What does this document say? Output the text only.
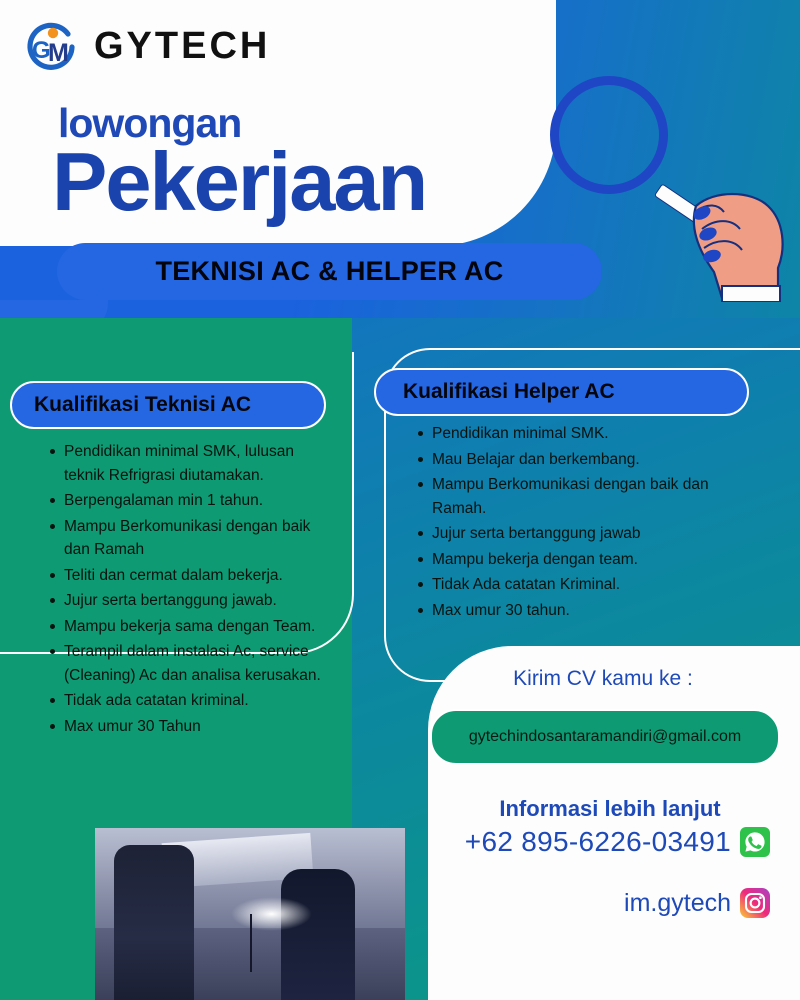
G
M GYTECH
lowongan
Pekerjaan
TEKNISI AC & HELPER AC
Kualifikasi Teknisi AC
Pendidikan minimal SMK, lulusan teknik Refrigrasi diutamakan.
Berpengalaman min 1 tahun.
Mampu Berkomunikasi dengan baik dan Ramah
Teliti dan cermat dalam bekerja.
Jujur serta bertanggung jawab.
Mampu bekerja sama dengan Team.
Terampil dalam instalasi Ac, service (Cleaning) Ac dan analisa kerusakan.
Tidak ada catatan kriminal.
Max umur 30 Tahun
Kualifikasi Helper AC
Pendidikan minimal SMK.
Mau Belajar dan berkembang.
Mampu Berkomunikasi dengan baik dan Ramah.
Jujur serta bertanggung jawab
Mampu bekerja dengan team.
Tidak Ada catatan Kriminal.
Max umur 30 tahun.
Kirim CV kamu ke :
gytechindosantaramandiri@gmail.com
Informasi lebih lanjut
+62 895-6226-03491
im.gytech
